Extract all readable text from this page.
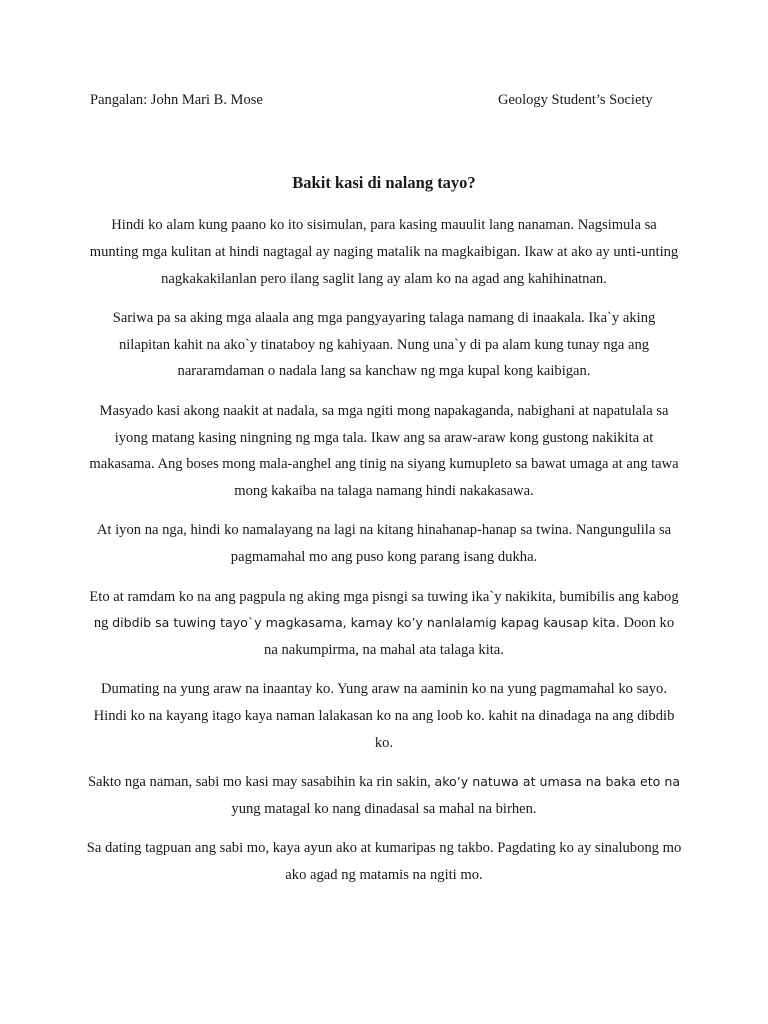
Pangalan: John Mari B. Mose	Geology Student’s Society
Bakit kasi di nalang tayo?

Hindi ko alam kung paano ko ito sisimulan, para kasing mauulit lang nanaman. Nagsimula sa munting mga kulitan at hindi nagtagal ay naging matalik na magkaibigan. Ikaw at ako ay unti-unting nagkakakilanlan pero ilang saglit lang ay alam ko na agad ang kahihinatnan.

Sariwa pa sa aking mga alaala ang mga pangyayaring talaga namang di inaakala. Ika`y aking nilapitan kahit na ako`y tinataboy ng kahiyaan. Nung una`y di pa alam kung tunay nga ang nararamdaman o nadala lang sa kanchaw ng mga kupal kong kaibigan.

Masyado kasi akong naakit at nadala, sa mga ngiti mong napakaganda, nabighani at napatulala sa iyong matang kasing ningning ng mga tala. Ikaw ang sa araw-araw kong gustong nakikita at makasama. Ang boses mong mala-anghel ang tinig na siyang kumupleto sa bawat umaga at ang tawa mong kakaiba na talaga namang hindi nakakasawa.

At iyon na nga, hindi ko namalayang na lagi na kitang hinahanap-hanap sa twina. Nangungulila sa pagmamahal mo ang puso kong parang isang dukha.

Eto at ramdam ko na ang pagpula ng aking mga pisngi sa tuwing ika`y nakikita, bumibilis ang kabog ng dibdib sa tuwing tayo`y magkasama, kamay ko’y nanlalamig kapag kausap kita. Doon ko na nakumpirma, na mahal ata talaga kita.

Dumating na yung araw na inaantay ko. Yung araw na aaminin ko na yung pagmamahal ko sayo. Hindi ko na kayang itago kaya naman lalakasan ko na ang loob ko. kahit na dinadaga na ang dibdib ko.

Sakto nga naman, sabi mo kasi may sasabihin ka rin sakin, ako’y natuwa at umasa na baka eto na yung matagal ko nang dinadasal sa mahal na birhen.

Sa dating tagpuan ang sabi mo, kaya ayun ako at kumaripas ng takbo. Pagdating ko ay sinalubong mo ako agad ng matamis na ngiti mo.
